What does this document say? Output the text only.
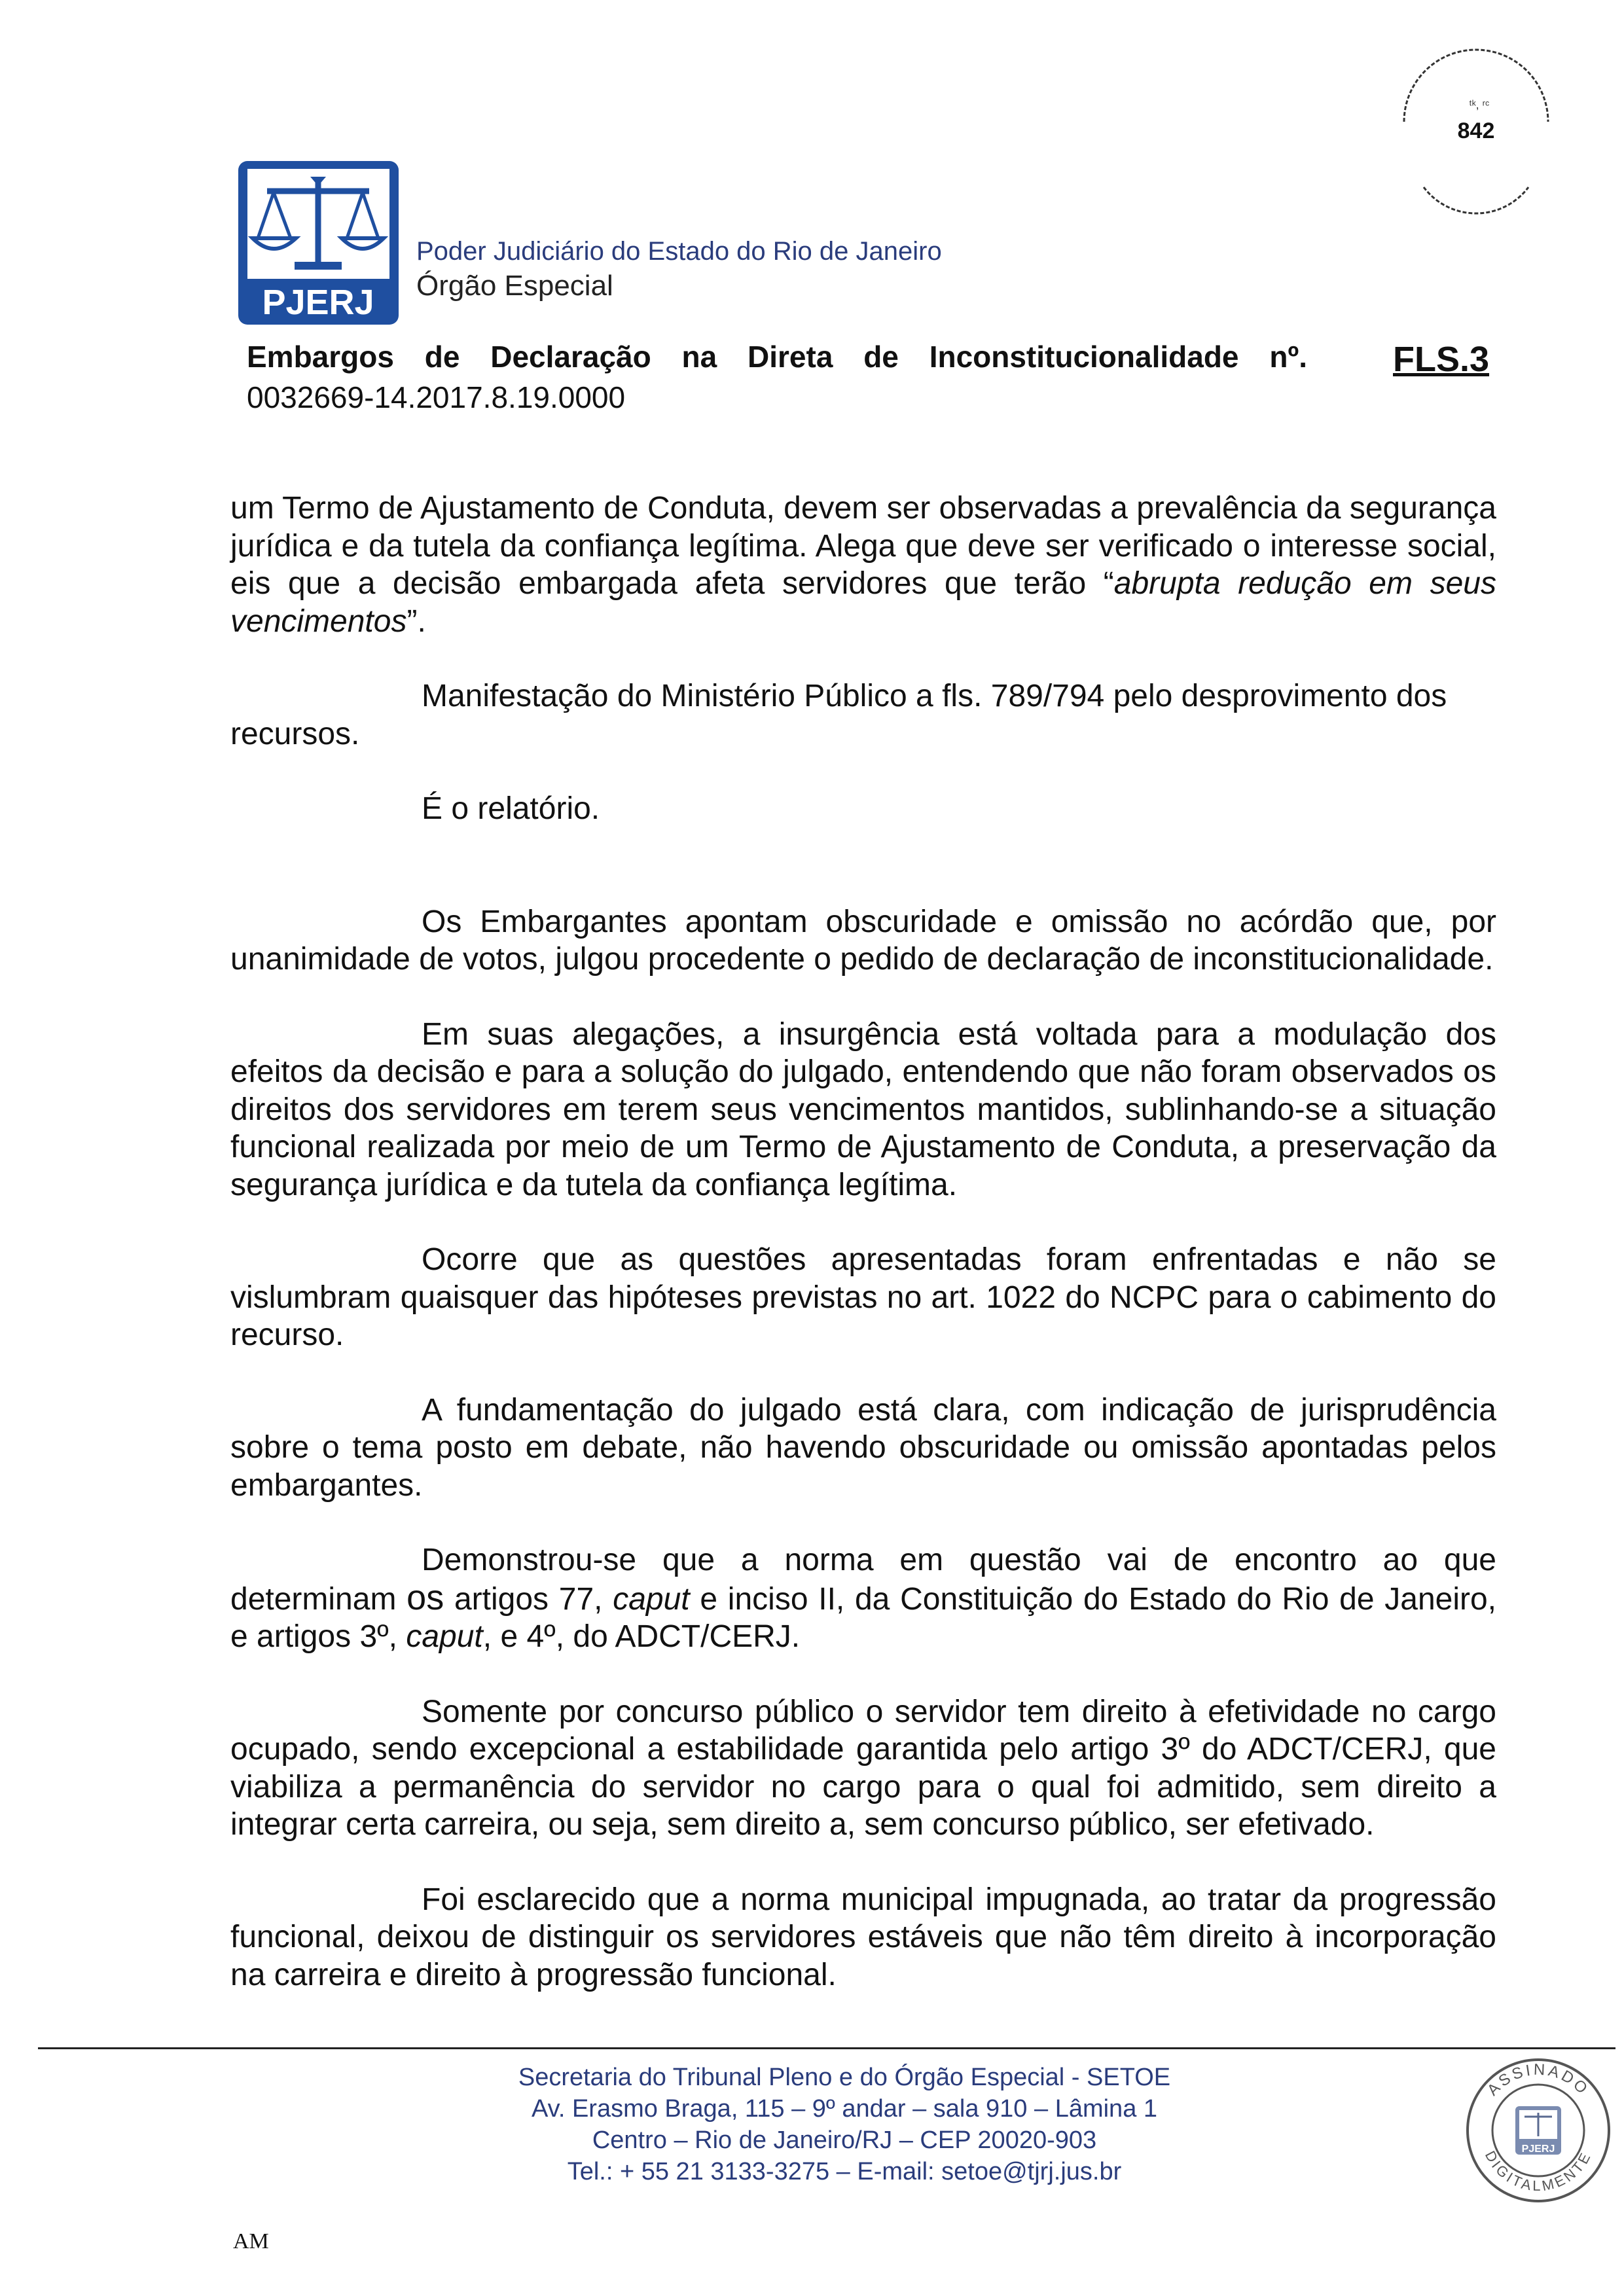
ᵗᵏ, ʳᶜ
842
PJERJ
Poder Judiciário do Estado do Rio de Janeiro
Órgão Especial
Embargos de Declaração na Direta de Inconstitucionalidade nº.
0032669-14.2017.8.19.0000
FLS.3

um Termo de Ajustamento de Conduta, devem ser observadas a prevalência da segurança jurídica e da tutela da confiança legítima. Alega que deve ser verificado o interesse social, eis que a decisão embargada afeta servidores que terão “abrupta redução em seus vencimentos”.

recursos.
Manifestação do Ministério Público a fls. 789/794 pelo desprovimento dos

É o relatório.

Os Embargantes apontam obscuridade e omissão no acórdão que, por unanimidade de votos, julgou procedente o pedido de declaração de inconstitucionalidade.

Em suas alegações, a insurgência está voltada para a modulação dos efeitos da decisão e para a solução do julgado, entendendo que não foram observados os direitos dos servidores em terem seus vencimentos mantidos, sublinhando-se a situação funcional realizada por meio de um Termo de Ajustamento de Conduta, a preservação da segurança jurídica e da tutela da confiança legítima.

Ocorre que as questões apresentadas foram enfrentadas e não se vislumbram quaisquer das hipóteses previstas no art. 1022 do NCPC para o cabimento do recurso.

A fundamentação do julgado está clara, com indicação de jurisprudência sobre o tema posto em debate, não havendo obscuridade ou omissão apontadas pelos embargantes.

Demonstrou-se que a norma em questão vai de encontro ao que determinam os artigos 77, caput e inciso II, da Constituição do Estado do Rio de Janeiro, e artigos 3º, caput, e 4º, do ADCT/CERJ.

Somente por concurso público o servidor tem direito à efetividade no cargo ocupado, sendo excepcional a estabilidade garantida pelo artigo 3º do ADCT/CERJ, que viabiliza a permanência do servidor no cargo para o qual foi admitido, sem direito a integrar certa carreira, ou seja, sem direito a, sem concurso público, ser efetivado.

Foi esclarecido que a norma municipal impugnada, ao tratar da progressão funcional, deixou de distinguir os servidores estáveis que não têm direito à incorporação na carreira e direito à progressão funcional.

Secretaria do Tribunal Pleno e do Órgão Especial - SETOE
Av. Erasmo Braga, 115 – 9º andar – sala 910 – Lâmina 1
Centro – Rio de Janeiro/RJ – CEP 20020-903
Tel.: + 55 21 3133-3275 – E-mail: setoe@tjrj.jus.br
ASSINADO
DIGITALMENTE
PJERJ
AM
